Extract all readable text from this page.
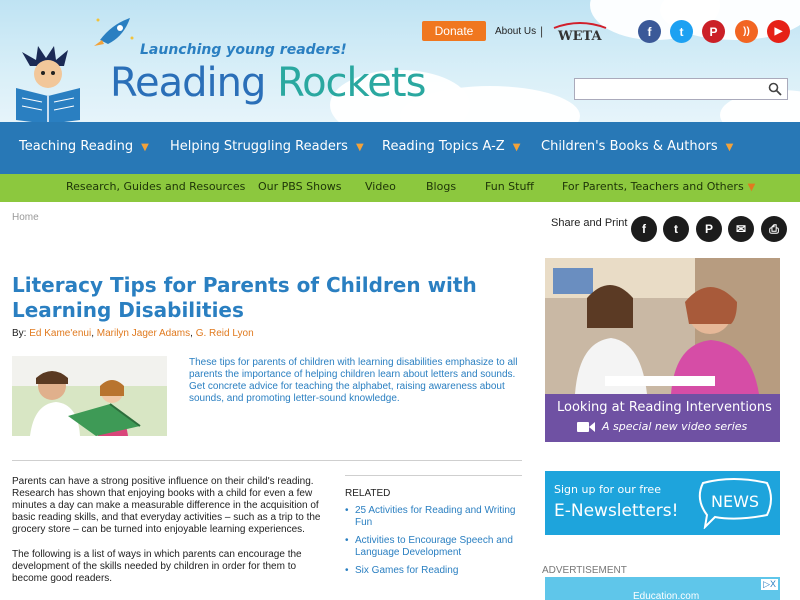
Launching young readers!
Reading Rockets
Donate	About Us | WETA	f	t	P	))	▶
Teaching Reading ▼ Helping Struggling Readers ▼ Reading Topics A-Z ▼ Children's Books & Authors ▼
Research, Guides and Resources Our PBS Shows Video	Blogs	Fun Stuff	For Parents, Teachers and Others ▼
Home	Share and Print	f	t	P	✉	⎙
Literacy Tips for Parents of Children with Learning Disabilities
By: Ed Kame'enui, Marilyn Jager Adams, G. Reid Lyon
These tips for parents of children with learning disabilities emphasize to all parents the importance of helping children learn about letters and sounds. Get concrete advice for teaching the alphabet, raising awareness about sounds, and promoting letter-sound knowledge.

Parents can have a strong positive influence on their child's reading. Research has shown that enjoying books with a child for even a few minutes a day can make a measurable difference in the acquisition of basic reading skills, and that everyday activities – such as a trip to the grocery store – can be turned into enjoyable learning experiences.

The following is a list of ways in which parents can encourage the development of the skills needed by children in order for them to become good readers.

RELATED
• 25 Activities for Reading and Writing Fun
• Activities to Encourage Speech and Language Development
• Six Games for Reading
Looking at Reading Interventions
A special new video series
Sign up for our free
E-Newsletters! NEWS
ADVERTISEMENT
▷X
Education.com
